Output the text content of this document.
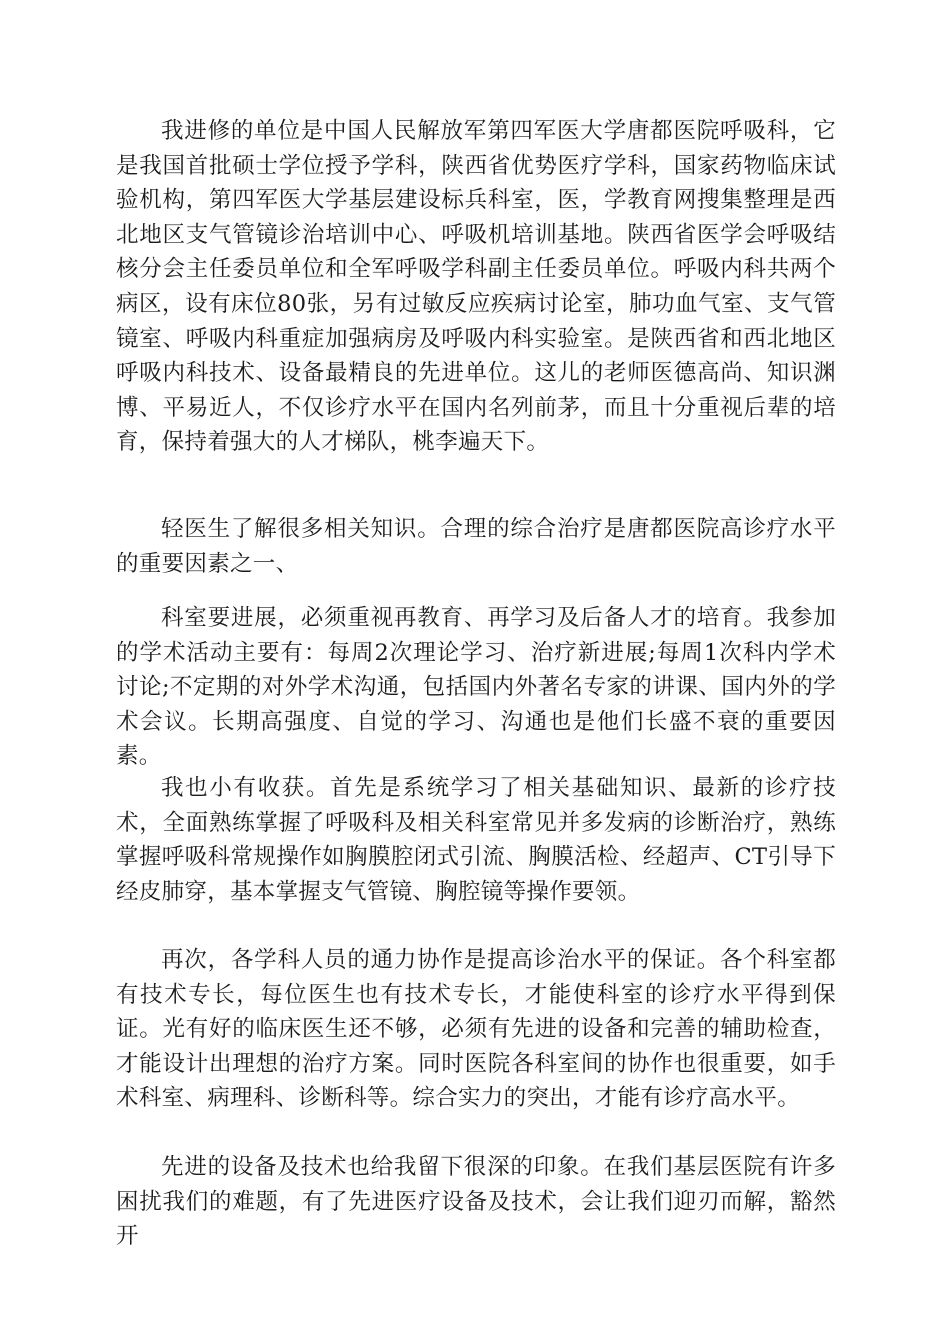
我进修的单位是中国人民解放军第四军医大学唐都医院呼吸科，它是我国首批硕士学位授予学科，陕西省优势医疗学科，国家药物临床试验机构，第四军医大学基层建设标兵科室，医，学教育网搜集整理是西北地区支气管镜诊治培训中心、呼吸机培训基地。陕西省医学会呼吸结核分会主任委员单位和全军呼吸学科副主任委员单位。呼吸内科共两个病区，设有床位80张，另有过敏反应疾病讨论室，肺功血气室、支气管镜室、呼吸内科重症加强病房及呼吸内科实验室。是陕西省和西北地区呼吸内科技术、设备最精良的先进单位。这儿的老师医德高尚、知识渊博、平易近人，不仅诊疗水平在国内名列前茅，而且十分重视后辈的培育，保持着强大的人才梯队，桃李遍天下。

轻医生了解很多相关知识。合理的综合治疗是唐都医院高诊疗水平的重要因素之一、

科室要进展，必须重视再教育、再学习及后备人才的培育。我参加的学术活动主要有：每周2次理论学习、治疗新进展;每周1次科内学术讨论;不定期的对外学术沟通，包括国内外著名专家的讲课、国内外的学术会议。长期高强度、自觉的学习、沟通也是他们长盛不衰的重要因素。

我也小有收获。首先是系统学习了相关基础知识、最新的诊疗技术，全面熟练掌握了呼吸科及相关科室常见并多发病的诊断治疗，熟练掌握呼吸科常规操作如胸膜腔闭式引流、胸膜活检、经超声、CT引导下经皮肺穿，基本掌握支气管镜、胸腔镜等操作要领。

再次，各学科人员的通力协作是提高诊治水平的保证。各个科室都有技术专长，每位医生也有技术专长，才能使科室的诊疗水平得到保证。光有好的临床医生还不够，必须有先进的设备和完善的辅助检查，才能设计出理想的治疗方案。同时医院各科室间的协作也很重要，如手术科室、病理科、诊断科等。综合实力的突出，才能有诊疗高水平。

先进的设备及技术也给我留下很深的印象。在我们基层医院有许多困扰我们的难题，有了先进医疗设备及技术，会让我们迎刃而解，豁然开
